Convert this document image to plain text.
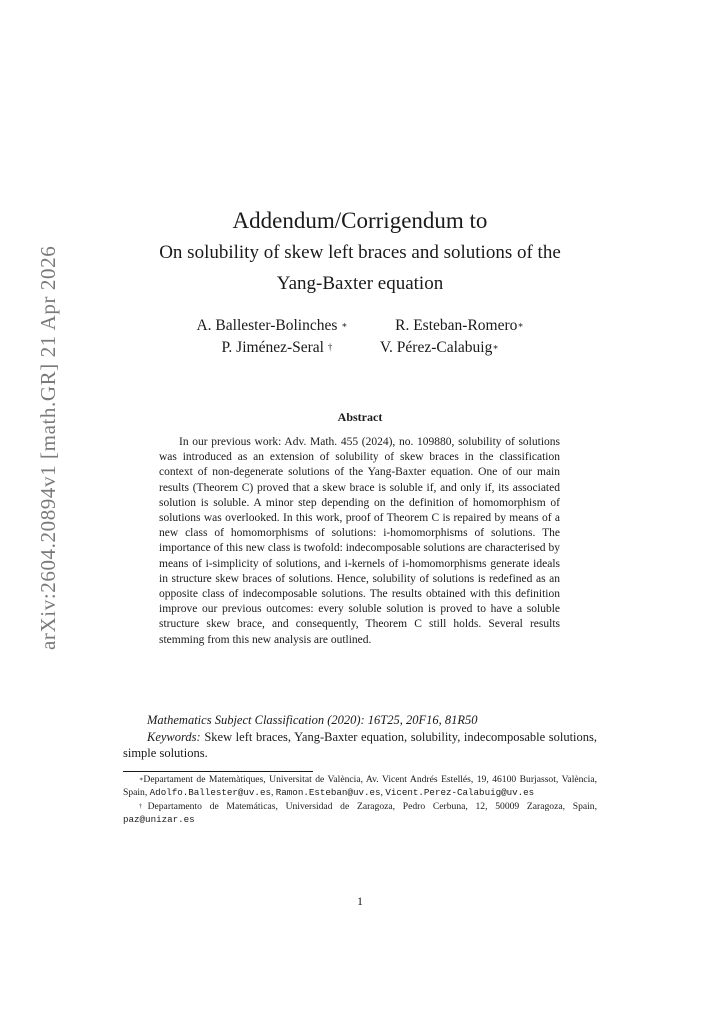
arXiv:2604.20894v1 [math.GR] 21 Apr 2026
Addendum/Corrigendum to
On solubility of skew left braces and solutions of the
Yang-Baxter equation
A. Ballester-Bolinches ∗	R. Esteban-Romero∗
P. Jiménez-Seral †	V. Pérez-Calabuig∗
Abstract
In our previous work: Adv. Math. 455 (2024), no. 109880, solubility of solutions was introduced as an extension of solubility of skew braces in the classification context of non-degenerate solutions of the Yang-Baxter equation. One of our main results (Theorem C) proved that a skew brace is soluble if, and only if, its associated solution is soluble. A minor step depending on the definition of homomorphism of solutions was overlooked. In this work, proof of Theorem C is repaired by means of a new class of homomorphisms of solutions: i-homomorphisms of solutions. The importance of this new class is twofold: indecomposable solutions are characterised by means of i-simplicity of solutions, and i-kernels of i-homomorphisms generate ideals in structure skew braces of solutions. Hence, solubility of solutions is redefined as an opposite class of indecomposable solutions. The results obtained with this definition improve our previous outcomes: every soluble solution is proved to have a soluble structure skew brace, and consequently, Theorem C still holds. Several results stemming from this new analysis are outlined.
Mathematics Subject Classification (2020): 16T25, 20F16, 81R50
Keywords: Skew left braces, Yang-Baxter equation, solubility, indecomposable solutions, simple solutions.

∗Departament de Matemàtiques, Universitat de València, Av. Vicent Andrés Estellés, 19, 46100 Burjassot, València, Spain, Adolfo.Ballester@uv.es, Ramon.Esteban@uv.es, Vicent.Perez-Calabuig@uv.es

†Departamento de Matemáticas, Universidad de Zaragoza, Pedro Cerbuna, 12, 50009 Zaragoza, Spain, paz@unizar.es

1
